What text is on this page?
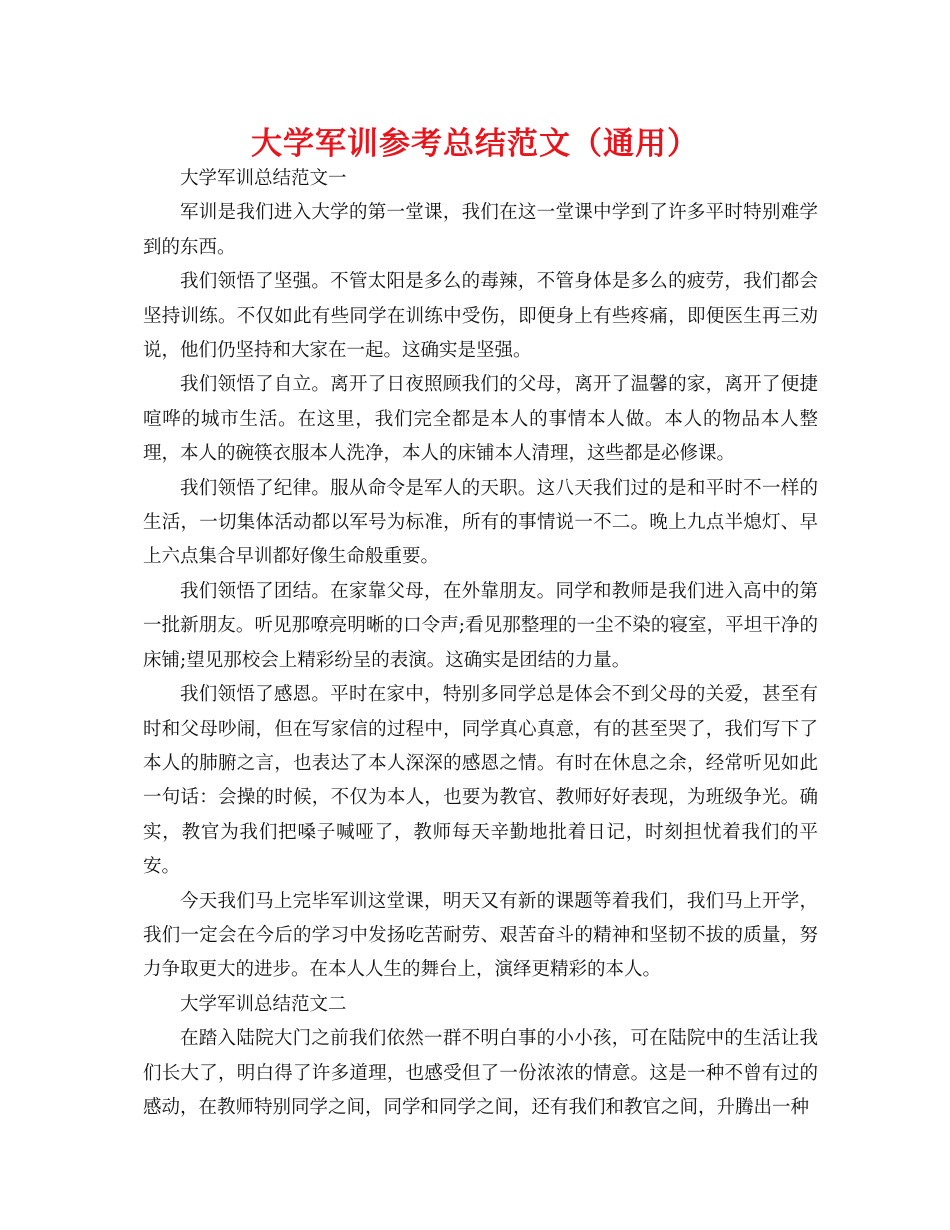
大学军训参考总结范文（通用）

大学军训总结范文一

军训是我们进入大学的第一堂课，我们在这一堂课中学到了许多平时特别难学到的东西。

我们领悟了坚强。不管太阳是多么的毒辣，不管身体是多么的疲劳，我们都会坚持训练。不仅如此有些同学在训练中受伤，即便身上有些疼痛，即便医生再三劝说，他们仍坚持和大家在一起。这确实是坚强。

我们领悟了自立。离开了日夜照顾我们的父母，离开了温馨的家，离开了便捷喧哗的城市生活。在这里，我们完全都是本人的事情本人做。本人的物品本人整理，本人的碗筷衣服本人洗净，本人的床铺本人清理，这些都是必修课。

我们领悟了纪律。服从命令是军人的天职。这八天我们过的是和平时不一样的生活，一切集体活动都以军号为标准，所有的事情说一不二。晚上九点半熄灯、早上六点集合早训都好像生命般重要。

我们领悟了团结。在家靠父母，在外靠朋友。同学和教师是我们进入高中的第一批新朋友。听见那嘹亮明晰的口令声;看见那整理的一尘不染的寝室，平坦干净的床铺;望见那校会上精彩纷呈的表演。这确实是团结的力量。

我们领悟了感恩。平时在家中，特别多同学总是体会不到父母的关爱，甚至有时和父母吵闹，但在写家信的过程中，同学真心真意，有的甚至哭了，我们写下了本人的肺腑之言，也表达了本人深深的感恩之情。有时在休息之余，经常听见如此一句话：会操的时候，不仅为本人，也要为教官、教师好好表现，为班级争光。确实，教官为我们把嗓子喊哑了，教师每天辛勤地批着日记，时刻担忧着我们的平安。

今天我们马上完毕军训这堂课，明天又有新的课题等着我们，我们马上开学，我们一定会在今后的学习中发扬吃苦耐劳、艰苦奋斗的精神和坚韧不拔的质量，努力争取更大的进步。在本人人生的舞台上，演绎更精彩的本人。

大学军训总结范文二

在踏入陆院大门之前我们依然一群不明白事的小小孩，可在陆院中的生活让我们长大了，明白得了许多道理，也感受但了一份浓浓的情意。这是一种不曾有过的感动，在教师特别同学之间，同学和同学之间，还有我们和教官之间，升腾出一种
